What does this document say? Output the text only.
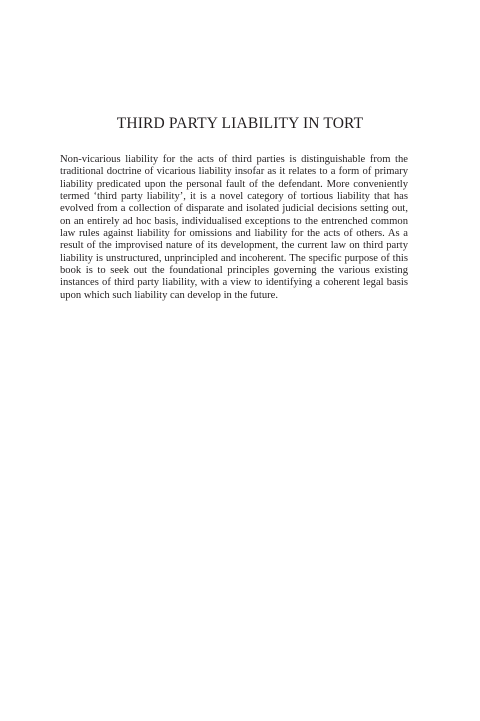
THIRD PARTY LIABILITY IN TORT

Non-vicarious liability for the acts of third parties is distinguishable from the traditional doctrine of vicarious liability insofar as it relates to a form of primary liability predicated upon the personal fault of the defendant. More conveniently termed ‘third party liability’, it is a novel category of tortious liability that has evolved from a collection of disparate and isolated judicial decisions setting out, on an entirely ad hoc basis, individualised exceptions to the entrenched common law rules against liability for omissions and liability for the acts of others. As a result of the improvised nature of its development, the current law on third party liability is unstructured, unprincipled and incoherent. The specific purpose of this book is to seek out the foundational principles governing the various existing instances of third party liability, with a view to identifying a coherent legal basis upon which such liability can develop in the future.
